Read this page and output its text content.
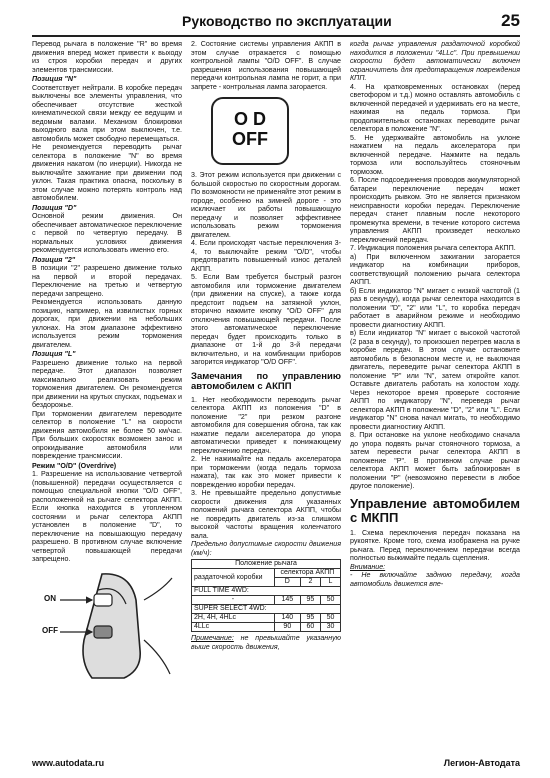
Руководство по эксплуатации	25

Перевод рычага в положение "R" во время движения вперед может привести к выходу из строя коробки передач и других элементов трансмиссии.

Позиция "N"

Соответствует нейтрали. В коробке передач выключены все элементы управления, что обеспечивает отсутствие жесткой кинематической связи между ее ведущим и ведомым валами. Механизм блокировки выходного вала при этом выключен, т.е. автомобиль может свободно перемещаться.

Не рекомендуется переводить рычаг селектора в положение "N" во время движения накатом (по инерции). Никогда не выключайте зажигание при движении под уклон. Такая практика опасна, поскольку в этом случае можно потерять контроль над автомобилем.

Позиция "D"

Основной режим движения. Он обеспечивает автоматическое переключение с первой по четвертую передачу. В нормальных условиях движения рекомендуется использовать именно его.

Позиция "2"

В позиции "2" разрешено движение только на первой и второй передачах. Переключение на третью и четвертую передачи запрещено.

Рекомендуется использовать данную позицию, например, на извилистых горных дорогах, при движении на небольших уклонах. На этом диапазоне эффективно используется режим торможения двигателем.

Позиция "L"

Разрешено движение только на первой передаче. Этот диапазон позволяет максимально реализовать режим торможения двигателем. Он рекомендуется при движении на крутых спусках, подъемах и бездорожье.

При торможении двигателем переводите селектор в положение "L" на скорости движения автомобиля не более 50 км/час. При больших скоростях возможен занос и опрокидывание автомобиля или повреждение трансмиссии.

Режим "O/D" (Overdrive)

1. Разрешение на использование четвертой (повышенной) передачи осуществляется с помощью специальной кнопки "O/D OFF", расположенной на рычаге селектора АКПП. Если кнопка находится в утопленном состоянии и рычаг селектора АКПП установлен в положение "D", то переключение на повышающую передачу разрешено. В противном случае включение четвертой повышающей передачи запрещено.

ON
OFF

2. Состояние системы управления АКПП в этом случае отражается с помощью контрольной лампы "O/D OFF". В случае разрешения использования повышающей передачи контрольная лампа не горит, а при запрете - контрольная лампа загорается.

O D
OFF

3. Этот режим используется при движении с большой скоростью по скоростным дорогам. По возможности не применяйте этот режим в городе, особенно на зимней дороге - это исключает их работы повышающую передачу и позволяет эффективнее использовать режим торможения двигателем.

4. Если происходят частые переключения 3-4, то выключайте режим "O/D", чтобы предотвратить повышенный износ деталей АКПП.

5. Если Вам требуется быстрый разгон автомобиля или торможение двигателем (при движении на спуске), а также когда предстоит подъем на затяжной уклон, вторично нажмите кнопку "O/D OFF" для отключения повышающей передачи. После этого автоматическое переключение передач будет происходить только в диапазоне от 1-й до 3-й передачи включительно, и на комбинации приборов загорится индикатор "O/D OFF".

Замечания по управлению автомобилем с АКПП

1. Нет необходимости переводить рычаг селектора АКПП из положения "D" в положение "2" при резком разгоне автомобиля для совершения обгона, так как нажатие педали акселератора до упора автоматически приведет к понижающему переключению передач.

2. Не нажимайте на педаль акселератора при торможении (когда педаль тормоза нажата), так как это может привести к повреждению коробки передач.

3. Не превышайте предельно допустимые скорости движения для указанных положений рычага селектора АКПП, чтобы не повредить двигатель из-за слишком высокой частоты вращения коленчатого вала.

Предельно допустимые скорости движения (км/ч):

Положение рычага			
раздаточной коробки	селектора АКПП		
	D	2	L
FULL TIME 4WD:			
-	145	95	50
SUPER SELECT 4WD:			
2H, 4H, 4HLc	140	95	50
4LLc	90	60	30

Примечание: не превышайте указанную выше скорость движения,

когда рычаг управления раздаточной коробкой находится в положении "4LLc". При превышении скорости будет автоматически включен ограничитель для предотвращения повреждения КПП.

4. На кратковременных остановках (перед светофором и т.д.) можно оставлять автомобиль с включенной передачей и удерживать его на месте, нажимая на педаль тормоза. При продолжительных остановках переводите рычаг селектора в положение "N".

5. Не удерживайте автомобиль на уклоне нажатием на педаль акселератора при включенной передаче. Нажмите на педаль тормоза или воспользуйтесь стояночным тормозом.

6. После подсоединения проводов аккумуляторной батареи переключение передач может происходить рывком. Это не является признаком неисправности коробки передач. Переключение передач станет плавным после некоторого промежутка времени, в течение которого система управления АКПП произведет несколько переключений передач.

7. Индикация положения рычага селектора АКПП.

а) При включенном зажигании загорается индикатор на комбинации приборов, соответствующий положению рычага селектора АКПП.

б) Если индикатор "N" мигает с низкой частотой (1 раз в секунду), когда рычаг селектора находится в положении "D", "2" или "L", то коробка передач работает в аварийном режиме и необходимо провести диагностику АКПП.

в) Если индикатор "N" мигает с высокой частотой (2 раза в секунду), то произошел перегрев масла в коробке передач. В этом случае остановите автомобиль в безопасном месте и, не выключая двигатель, переведите рычаг селектора АКПП в положение "P" или "N", затем откройте капот. Оставьте двигатель работать на холостом ходу. Через некоторое время проверьте состояние АКПП по индикатору "N", переведя рычаг селектора АКПП в положение "D", "2" или "L". Если индикатор "N" снова начал мигать, то необходимо провести диагностику АКПП.

8. При остановке на уклоне необходимо сначала до упора подвять рычаг стояночного тормоза, а затем перевести рычаг селектора АКПП в положение "P". В противном случае рычаг селектора АКПП может быть заблокирован в положении "P" (невозможно перевести в любое другое положение).

Управление автомобилем с МКПП

1. Схема переключения передач показана на рукоятке. Кроме того, схема изображена на ручке рычага. Перед переключением передачи всегда полностью выжимайте педаль сцепления.

Внимание:

- Не включайте заднюю передачу, когда автомобиль движется впе-

www.autodata.ru	Легион-Автодата
